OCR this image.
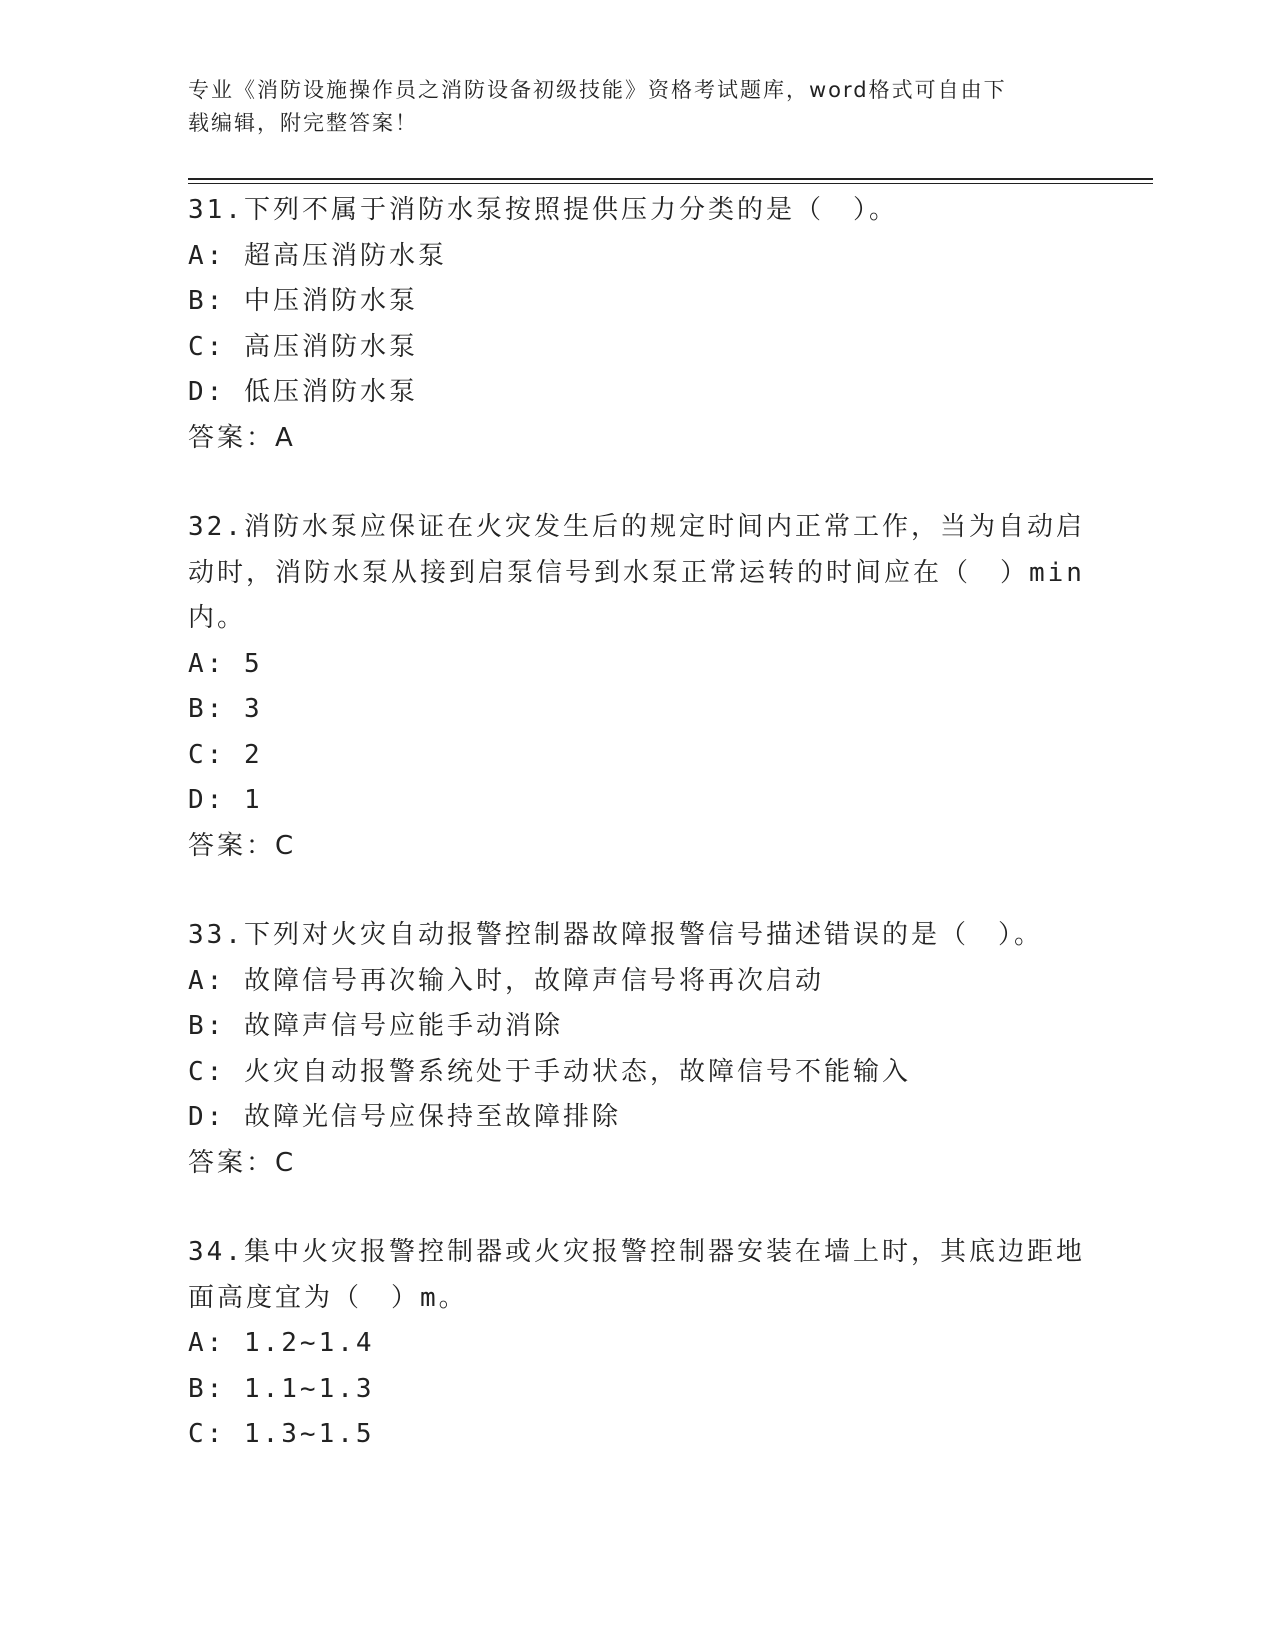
专业《消防设施操作员之消防设备初级技能》资格考试题库，word格式可自由下
载编辑，附完整答案！

31.下列不属于消防水泵按照提供压力分类的是（　）。

A: 超高压消防水泵

B: 中压消防水泵

C: 高压消防水泵

D: 低压消防水泵

答案：A

32.消防水泵应保证在火灾发生后的规定时间内正常工作，当为自动启动时，消防水泵从接到启泵信号到水泵正常运转的时间应在（　）min内。

A: 5

B: 3

C: 2

D: 1

答案：C

33.下列对火灾自动报警控制器故障报警信号描述错误的是（　）。

A: 故障信号再次输入时，故障声信号将再次启动

B: 故障声信号应能手动消除

C: 火灾自动报警系统处于手动状态，故障信号不能输入

D: 故障光信号应保持至故障排除

答案：C

34.集中火灾报警控制器或火灾报警控制器安装在墙上时，其底边距地面高度宜为（　）m。

A: 1.2~1.4

B: 1.1~1.3

C: 1.3~1.5
